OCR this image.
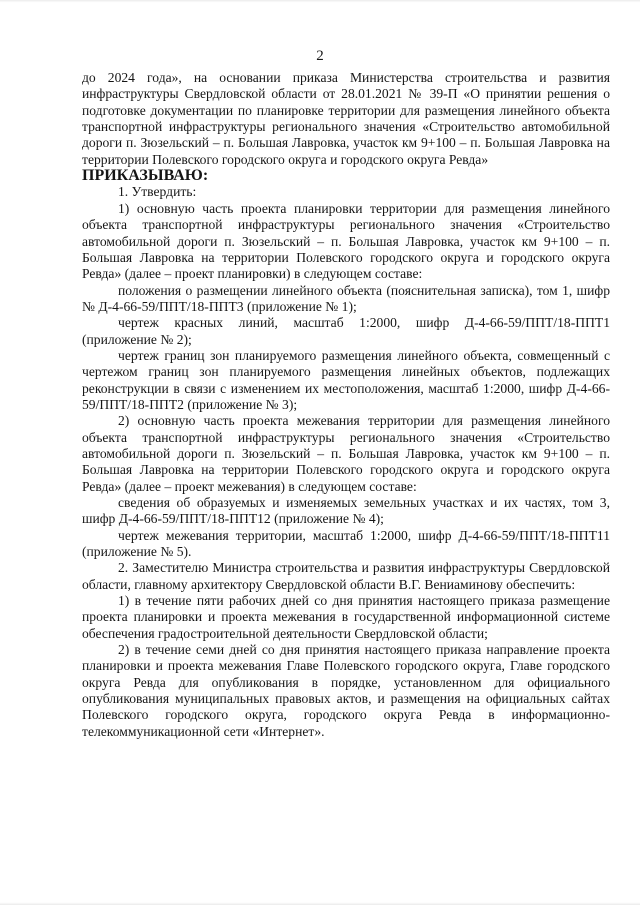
2

до 2024 года», на основании приказа Министерства строительства и развития инфраструктуры Свердловской области от 28.01.2021 № 39-П «О принятии решения о подготовке документации по планировке территории для размещения линейного объекта транспортной инфраструктуры регионального значения «Строительство автомобильной дороги п. Зюзельский – п. Большая Лавровка, участок км 9+100 – п. Большая Лавровка на территории Полевского городского округа и городского округа Ревда»

ПРИКАЗЫВАЮ:

1. Утвердить:

1) основную часть проекта планировки территории для размещения линейного объекта транспортной инфраструктуры регионального значения «Строительство автомобильной дороги п. Зюзельский – п. Большая Лавровка, участок км 9+100 – п. Большая Лавровка на территории Полевского городского округа и городского округа Ревда» (далее – проект планировки) в следующем составе:

положения о размещении линейного объекта (пояснительная записка), том 1, шифр № Д-4-66-59/ППТ/18-ППТ3 (приложение № 1);

чертеж красных линий, масштаб 1:2000, шифр Д-4-66-59/ППТ/18-ППТ1 (приложение № 2);

чертеж границ зон планируемого размещения линейного объекта, совмещенный с чертежом границ зон планируемого размещения линейных объектов, подлежащих реконструкции в связи с изменением их местоположения, масштаб 1:2000, шифр Д-4-66-59/ППТ/18-ППТ2 (приложение № 3);

2) основную часть проекта межевания территории для размещения линейного объекта транспортной инфраструктуры регионального значения «Строительство автомобильной дороги п. Зюзельский – п. Большая Лавровка, участок км 9+100 – п. Большая Лавровка на территории Полевского городского округа и городского округа Ревда» (далее – проект межевания) в следующем составе:

сведения об образуемых и изменяемых земельных участках и их частях, том 3, шифр Д-4-66-59/ППТ/18-ППТ12 (приложение № 4);

чертеж межевания территории, масштаб 1:2000, шифр Д-4-66-59/ППТ/18-ППТ11 (приложение № 5).

2. Заместителю Министра строительства и развития инфраструктуры Свердловской области, главному архитектору Свердловской области В.Г. Вениаминову обеспечить:

1) в течение пяти рабочих дней со дня принятия настоящего приказа размещение проекта планировки и проекта межевания в государственной информационной системе обеспечения градостроительной деятельности Свердловской области;

2) в течение семи дней со дня принятия настоящего приказа направление проекта планировки и проекта межевания Главе Полевского городского округа, Главе городского округа Ревда для опубликования в порядке, установленном для официального опубликования муниципальных правовых актов, и размещения на официальных сайтах Полевского городского округа, городского округа Ревда в информационно-телекоммуникационной сети «Интернет».
